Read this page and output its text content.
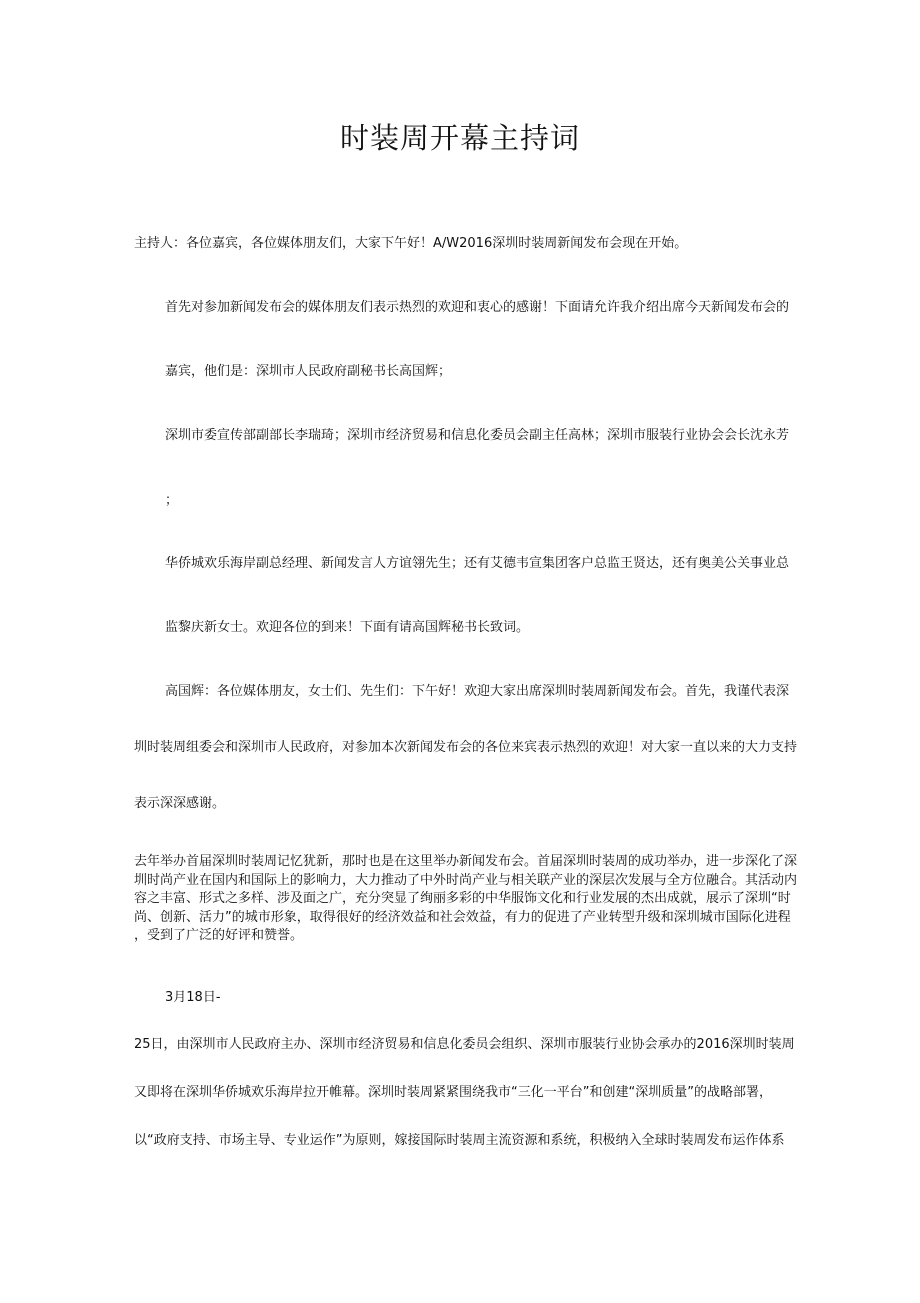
时装周开幕主持词

主持人：各位嘉宾，各位媒体朋友们，大家下午好！A/W2016深圳时装周新闻发布会现在开始。

首先对参加新闻发布会的媒体朋友们表示热烈的欢迎和衷心的感谢！下面请允许我介绍出席今天新闻发布会的

嘉宾，他们是：深圳市人民政府副秘书长高国辉；

深圳市委宣传部副部长李瑞琦；深圳市经济贸易和信息化委员会副主任高林；深圳市服装行业协会会长沈永芳

；

华侨城欢乐海岸副总经理、新闻发言人方谊翎先生；还有艾德韦宣集团客户总监王贤达，还有奥美公关事业总

监黎庆新女士。欢迎各位的到来！下面有请高国辉秘书长致词。

高国辉：各位媒体朋友，女士们、先生们：下午好！欢迎大家出席深圳时装周新闻发布会。首先，我谨代表深

圳时装周组委会和深圳市人民政府，对参加本次新闻发布会的各位来宾表示热烈的欢迎！对大家一直以来的大力支持

表示深深感谢。

去年举办首届深圳时装周记忆犹新，那时也是在这里举办新闻发布会。首届深圳时装周的成功举办，进一步深化了深
圳时尚产业在国内和国际上的影响力，大力推动了中外时尚产业与相关联产业的深层次发展与全方位融合。其活动内
容之丰富、形式之多样、涉及面之广，充分突显了绚丽多彩的中华服饰文化和行业发展的杰出成就，展示了深圳“时
尚、创新、活力”的城市形象，取得很好的经济效益和社会效益，有力的促进了产业转型升级和深圳城市国际化进程
，受到了广泛的好评和赞誉。

3月18日-

25日，由深圳市人民政府主办、深圳市经济贸易和信息化委员会组织、深圳市服装行业协会承办的2016深圳时装周

又即将在深圳华侨城欢乐海岸拉开帷幕。深圳时装周紧紧围绕我市“三化一平台”和创建“深圳质量”的战略部署，

以“政府支持、市场主导、专业运作”为原则，嫁接国际时装周主流资源和系统，积极纳入全球时装周发布运作体系
